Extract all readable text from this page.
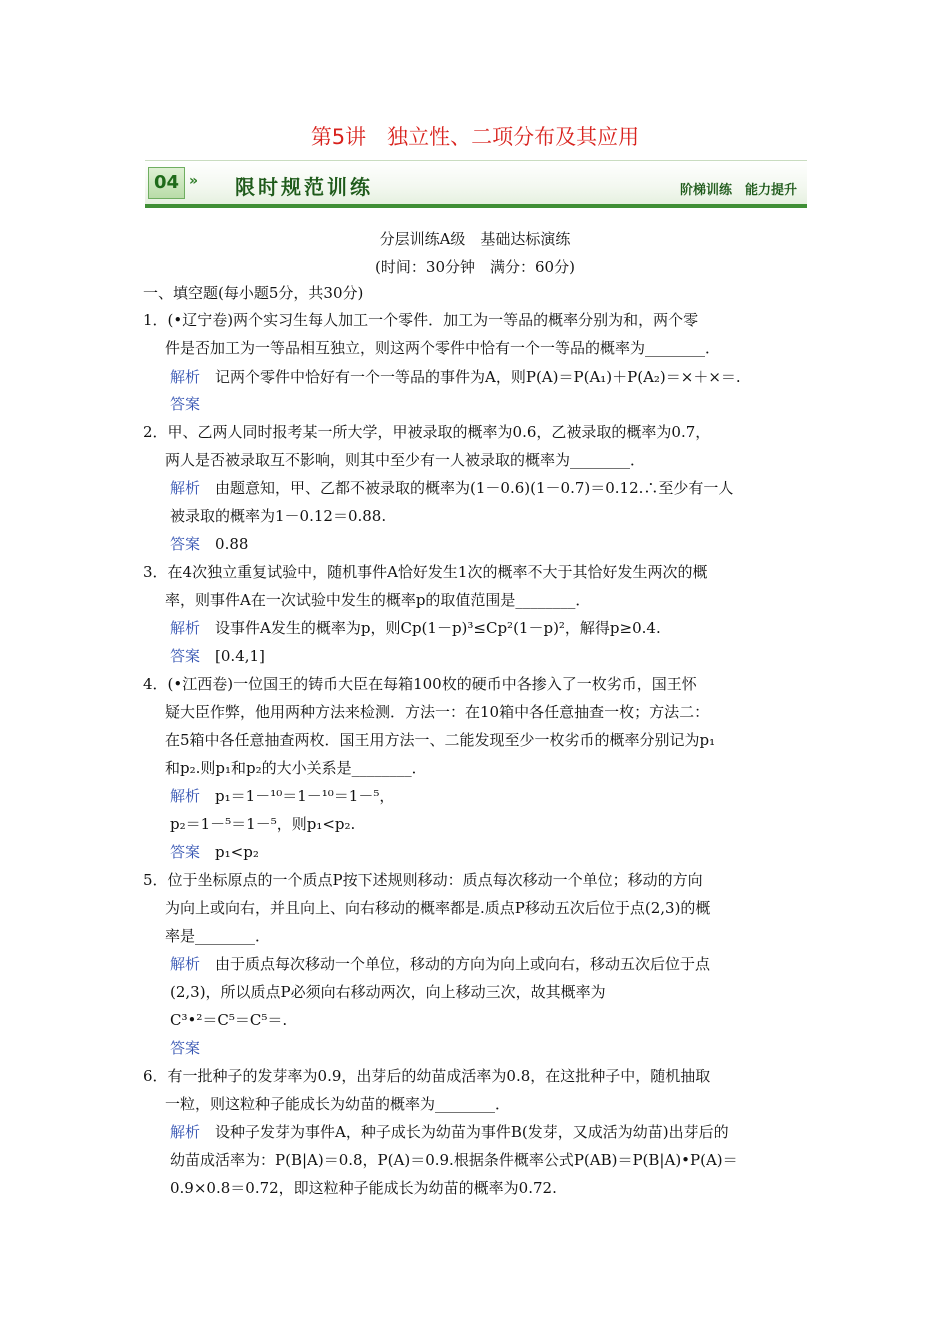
第5讲　独立性、二项分布及其应用
04 » 限时规范训练	阶梯训练　能力提升
分层训练A级　基础达标演练
(时间：30分钟　满分：60分)
一、填空题(每小题5分，共30分)
1．(•辽宁卷)两个实习生每人加工一个零件．加工为一等品的概率分别为和，两个零
件是否加工为一等品相互独立，则这两个零件中恰有一个一等品的概率为________．
解析　 记两个零件中恰好有一个一等品的事件为A，则P(A)＝P(A₁)＋P(A₂)＝×＋×＝.
答案
2．甲、乙两人同时报考某一所大学，甲被录取的概率为0.6，乙被录取的概率为0.7，
两人是否被录取互不影响，则其中至少有一人被录取的概率为________．
解析　 由题意知，甲、乙都不被录取的概率为(1－0.6)(1－0.7)＝0.12.∴至少有一人
被录取的概率为1－0.12＝0.88.
答案　 0.88
3．在4次独立重复试验中，随机事件A恰好发生1次的概率不大于其恰好发生两次的概
率，则事件A在一次试验中发生的概率p的取值范围是________．
解析　 设事件A发生的概率为p，则Cp(1－p)³≤Cp²(1－p)²，解得p≥0.4.
答案　 [0.4,1]
4．(•江西卷)一位国王的铸币大臣在每箱100枚的硬币中各掺入了一枚劣币，国王怀
疑大臣作弊，他用两种方法来检测．方法一：在10箱中各任意抽查一枚；方法二：
在5箱中各任意抽查两枚．国王用方法一、二能发现至少一枚劣币的概率分别记为p₁
和p₂.则p₁和p₂的大小关系是________．
解析　 p₁＝1－¹⁰＝1－¹⁰＝1－⁵，
p₂＝1－⁵＝1－⁵，则p₁<p₂.
答案　 p₁<p₂
5．位于坐标原点的一个质点P按下述规则移动：质点每次移动一个单位；移动的方向
为向上或向右，并且向上、向右移动的概率都是.质点P移动五次后位于点(2,3)的概
率是________．
解析　 由于质点每次移动一个单位，移动的方向为向上或向右，移动五次后位于点
(2,3)，所以质点P必须向右移动两次，向上移动三次，故其概率为
C³•²＝C⁵＝C⁵＝.
答案
6．有一批种子的发芽率为0.9，出芽后的幼苗成活率为0.8，在这批种子中，随机抽取
一粒，则这粒种子能成长为幼苗的概率为________．
解析　 设种子发芽为事件A，种子成长为幼苗为事件B(发芽，又成活为幼苗)出芽后的
幼苗成活率为：P(B|A)＝0.8，P(A)＝0.9.根据条件概率公式P(AB)＝P(B|A)•P(A)＝
0.9×0.8＝0.72，即这粒种子能成长为幼苗的概率为0.72.
